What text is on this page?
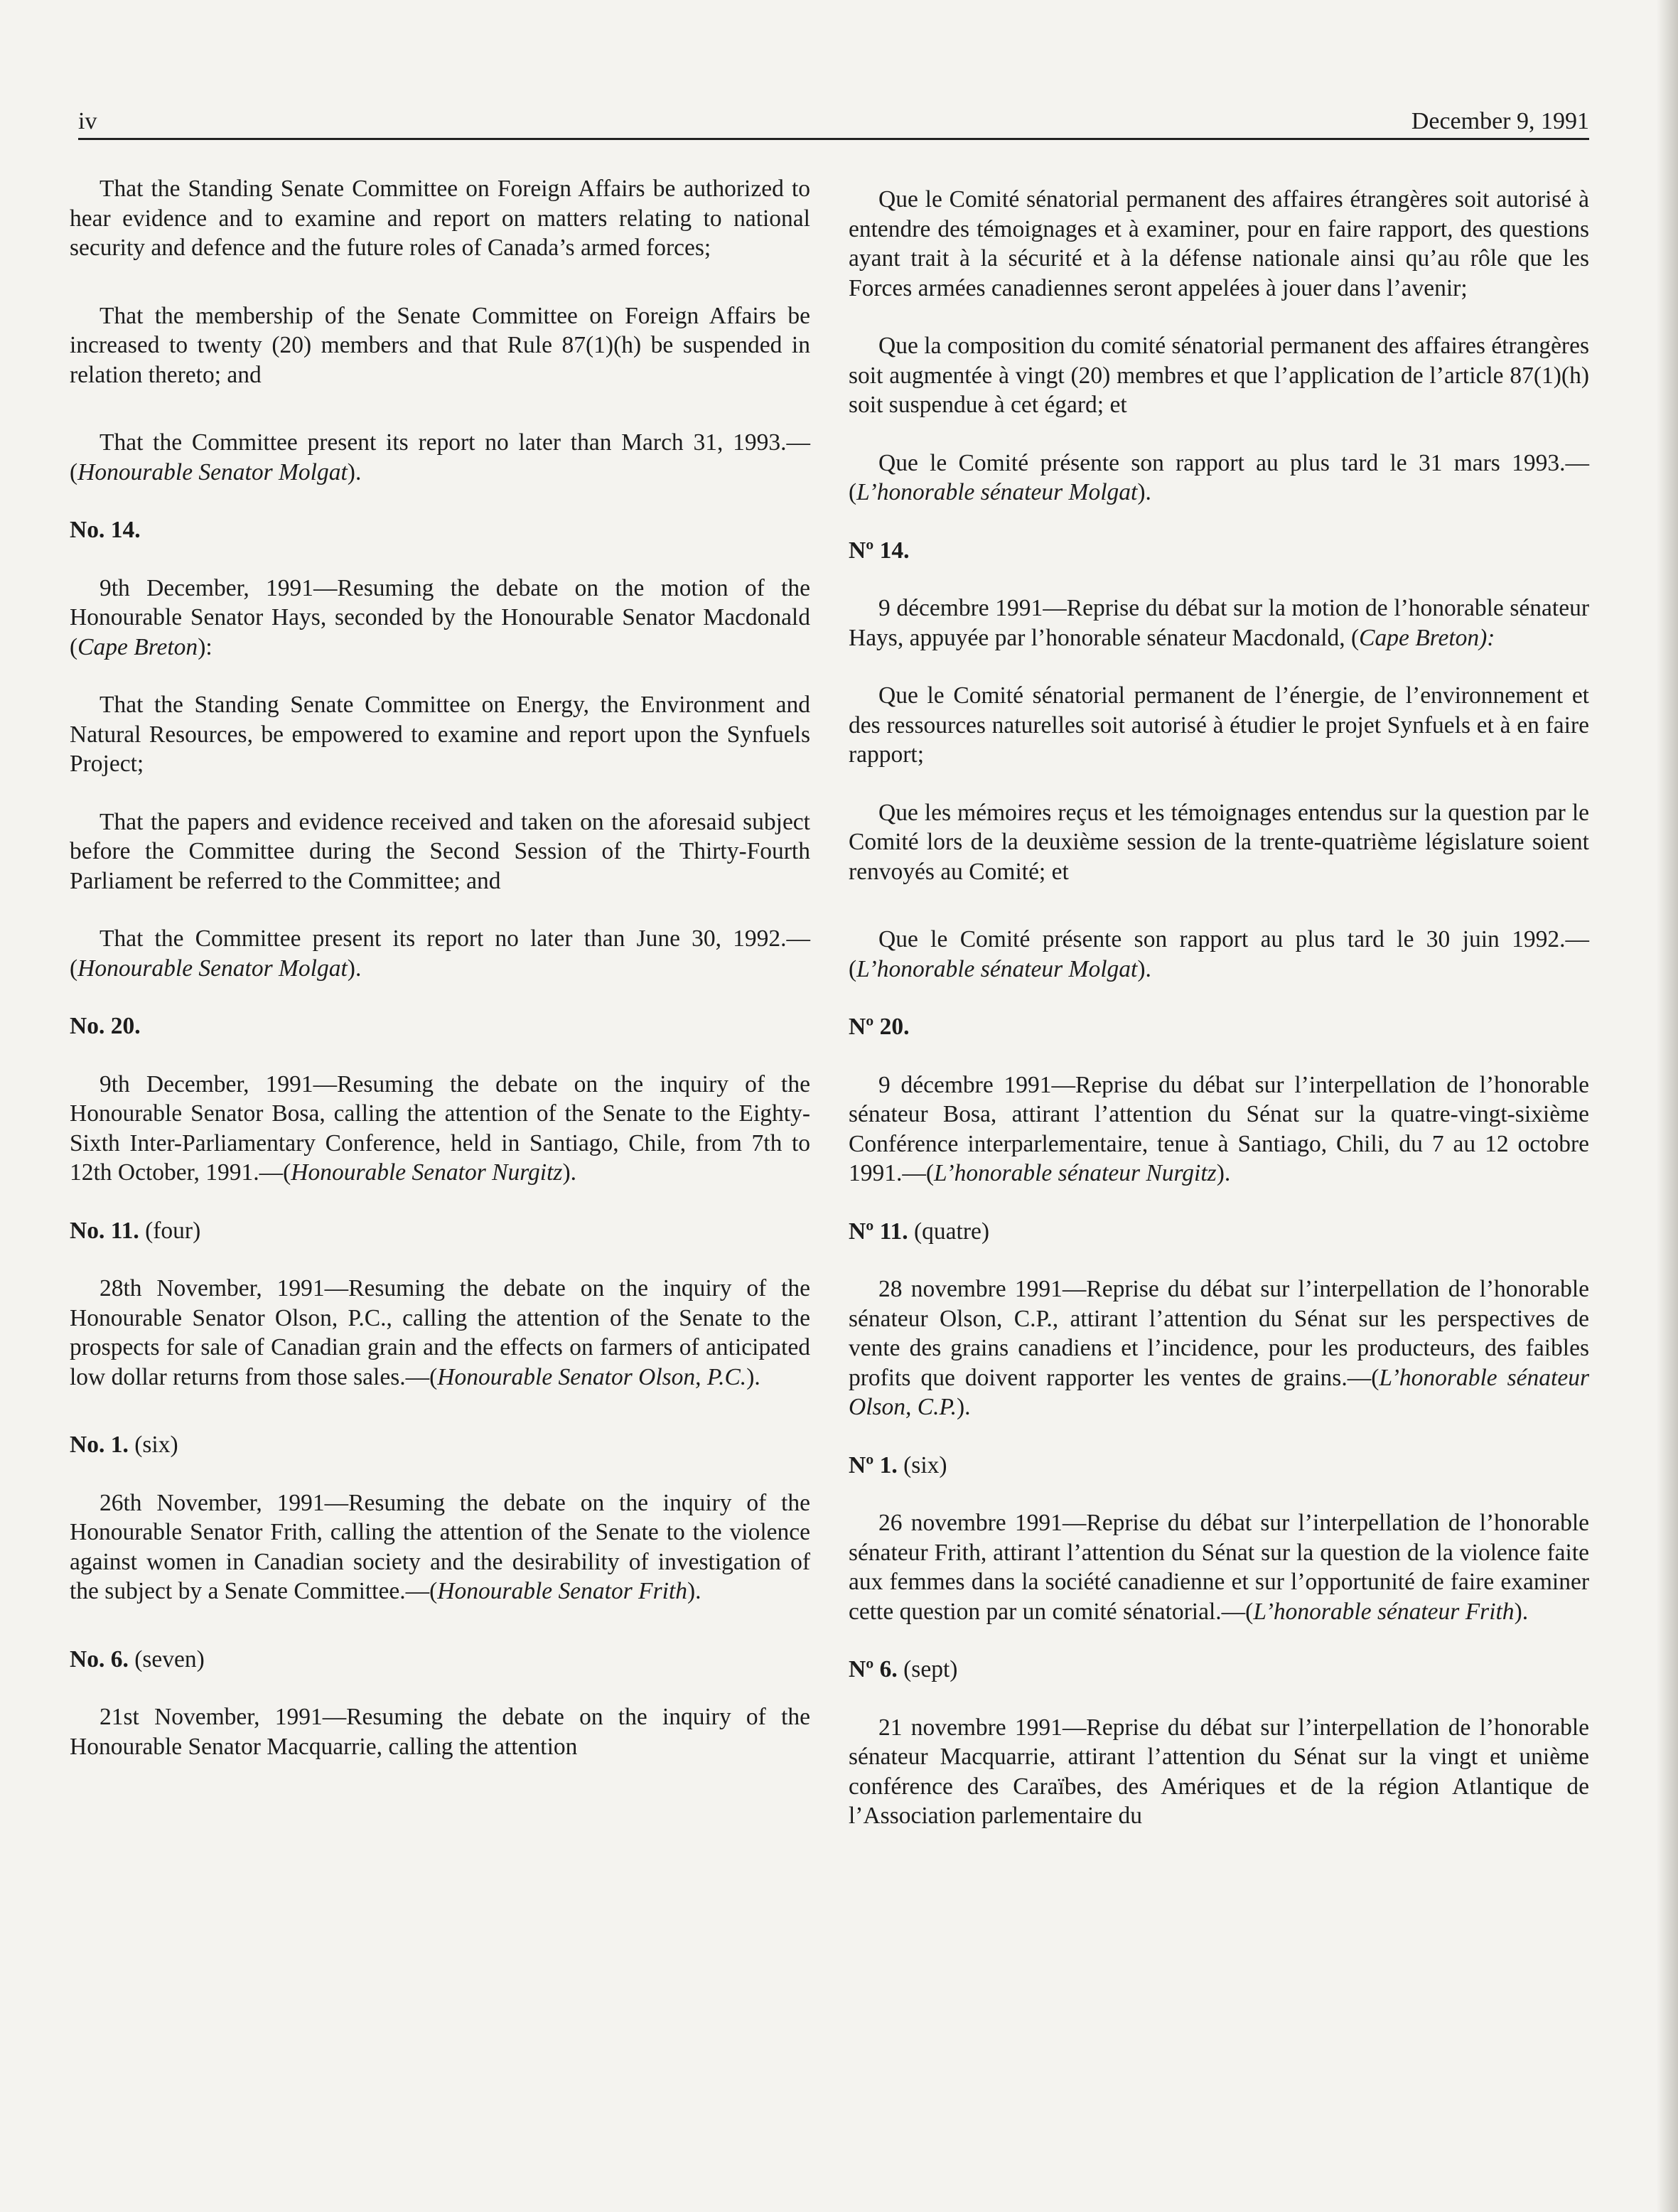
iv	December 9, 1991

That the Standing Senate Committee on Foreign Affairs be authorized to hear evidence and to examine and report on matters relating to national security and defence and the future roles of Canada’s armed forces;

That the membership of the Senate Committee on Foreign Affairs be increased to twenty (20) members and that Rule 87(1)(h) be suspended in relation thereto; and

That the Committee present its report no later than March 31, 1993.—(Honourable Senator Molgat).

No. 14.

9th December, 1991—Resuming the debate on the motion of the Honourable Senator Hays, seconded by the Honourable Senator Macdonald (Cape Breton):

That the Standing Senate Committee on Energy, the Environment and Natural Resources, be empowered to examine and report upon the Synfuels Project;

That the papers and evidence received and taken on the aforesaid subject before the Committee during the Second Session of the Thirty-Fourth Parliament be referred to the Committee; and

That the Committee present its report no later than June 30, 1992.—(Honourable Senator Molgat).

No. 20.

9th December, 1991—Resuming the debate on the inquiry of the Honourable Senator Bosa, calling the attention of the Senate to the Eighty-Sixth Inter-Parliamentary Conference, held in Santiago, Chile, from 7th to 12th October, 1991.—(Honourable Senator Nurgitz).

No. 11. (four)

28th November, 1991—Resuming the debate on the inquiry of the Honourable Senator Olson, P.C., calling the attention of the Senate to the prospects for sale of Canadian grain and the effects on farmers of anticipated low dollar returns from those sales.—(Honourable Senator Olson, P.C.).

No. 1. (six)

26th November, 1991—Resuming the debate on the inquiry of the Honourable Senator Frith, calling the attention of the Senate to the violence against women in Canadian society and the desirability of investigation of the subject by a Senate Committee.—(Honourable Senator Frith).

No. 6. (seven)

21st November, 1991—Resuming the debate on the inquiry of the Honourable Senator Macquarrie, calling the attention

Que le Comité sénatorial permanent des affaires étrangères soit autorisé à entendre des témoignages et à examiner, pour en faire rapport, des questions ayant trait à la sécurité et à la défense nationale ainsi qu’au rôle que les Forces armées canadiennes seront appelées à jouer dans l’avenir;

Que la composition du comité sénatorial permanent des affaires étrangères soit augmentée à vingt (20) membres et que l’application de l’article 87(1)(h) soit suspendue à cet égard; et

Que le Comité présente son rapport au plus tard le 31 mars 1993.—(L’honorable sénateur Molgat).

Nº 14.

9 décembre 1991—Reprise du débat sur la motion de l’honorable sénateur Hays, appuyée par l’honorable sénateur Macdonald, (Cape Breton):

Que le Comité sénatorial permanent de l’énergie, de l’environnement et des ressources naturelles soit autorisé à étudier le projet Synfuels et à en faire rapport;

Que les mémoires reçus et les témoignages entendus sur la question par le Comité lors de la deuxième session de la trente-quatrième législature soient renvoyés au Comité; et

Que le Comité présente son rapport au plus tard le 30 juin 1992.—(L’honorable sénateur Molgat).

Nº 20.

9 décembre 1991—Reprise du débat sur l’interpellation de l’honorable sénateur Bosa, attirant l’attention du Sénat sur la quatre-vingt-sixième Conférence interparlementaire, tenue à Santiago, Chili, du 7 au 12 octobre 1991.—(L’honorable sénateur Nurgitz).

Nº 11. (quatre)

28 novembre 1991—Reprise du débat sur l’interpellation de l’honorable sénateur Olson, C.P., attirant l’attention du Sénat sur les perspectives de vente des grains canadiens et l’incidence, pour les producteurs, des faibles profits que doivent rapporter les ventes de grains.—(L’honorable sénateur Olson, C.P.).

Nº 1. (six)

26 novembre 1991—Reprise du débat sur l’interpellation de l’honorable sénateur Frith, attirant l’attention du Sénat sur la question de la violence faite aux femmes dans la société canadienne et sur l’opportunité de faire examiner cette question par un comité sénatorial.—(L’honorable sénateur Frith).

Nº 6. (sept)

21 novembre 1991—Reprise du débat sur l’interpellation de l’honorable sénateur Macquarrie, attirant l’attention du Sénat sur la vingt et unième conférence des Caraïbes, des Amériques et de la région Atlantique de l’Association parlementaire du
